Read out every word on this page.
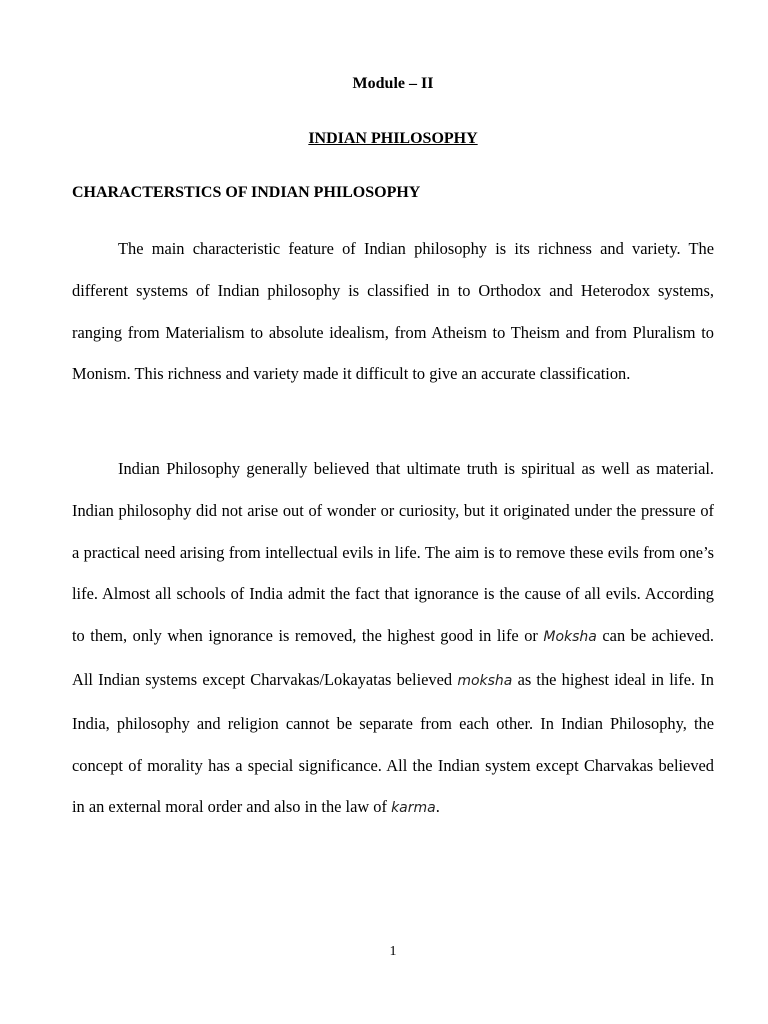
Module – II

INDIAN PHILOSOPHY

CHARACTERSTICS OF INDIAN PHILOSOPHY

The main characteristic feature of Indian philosophy is its richness and variety. The different systems of Indian philosophy is classified in to Orthodox and Heterodox systems, ranging from Materialism to absolute idealism, from Atheism to Theism and from Pluralism to Monism. This richness and variety made it difficult to give an accurate classification.

Indian Philosophy generally believed that ultimate truth is spiritual as well as material. Indian philosophy did not arise out of wonder or curiosity, but it originated under the pressure of a practical need arising from intellectual evils in life. The aim is to remove these evils from one’s life. Almost all schools of India admit the fact that ignorance is the cause of all evils. According to them, only when ignorance is removed, the highest good in life or Moksha can be achieved. All Indian systems except Charvakas/Lokayatas believed moksha as the highest ideal in life. In India, philosophy and religion cannot be separate from each other. In Indian Philosophy, the concept of morality has a special significance. All the Indian system except Charvakas believed in an external moral order and also in the law of karma.

1
